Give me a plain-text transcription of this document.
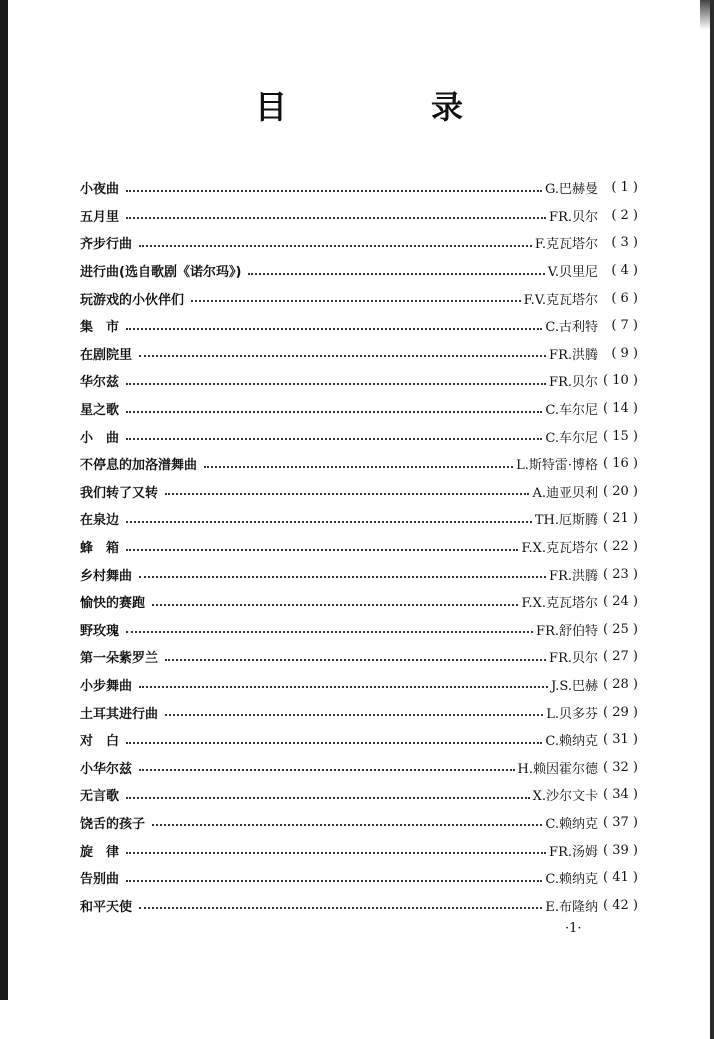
目　录
小夜曲	G.巴赫曼	( 1 )
五月里	FR.贝尔	( 2 )
齐步行曲	F.克瓦塔尔	( 3 )
进行曲(选自歌剧《诺尔玛》)	V.贝里尼	( 4 )
玩游戏的小伙伴们	F.V.克瓦塔尔	( 6 )
集　市	C.古利特	( 7 )
在剧院里	FR.洪腾	( 9 )
华尔兹	FR.贝尔 ( 10 )
星之歌	C.车尔尼 ( 14 )
小　曲	C.车尔尼 ( 15 )
不停息的加洛潽舞曲	L.斯特雷·博格 ( 16 )
我们转了又转	A.迪亚贝利 ( 20 )
在泉边	TH.厄斯腾 ( 21 )
蜂　箱	F.X.克瓦塔尔 ( 22 )
乡村舞曲	FR.洪腾 ( 23 )
愉快的赛跑	F.X.克瓦塔尔 ( 24 )
野玫瑰	FR.舒伯特 ( 25 )
第一朵紫罗兰	FR.贝尔 ( 27 )
小步舞曲	J.S.巴赫 ( 28 )
土耳其进行曲	L.贝多芬 ( 29 )
对　白	C.赖纳克 ( 31 )
小华尔兹	H.赖因霍尔德 ( 32 )
无言歌	X.沙尔文卡 ( 34 )
饶舌的孩子	C.赖纳克 ( 37 )
旋　律	FR.汤姆 ( 39 )
告别曲	C.赖纳克 ( 41 )
和平天使	E.布隆纳 ( 42 )
·1·
